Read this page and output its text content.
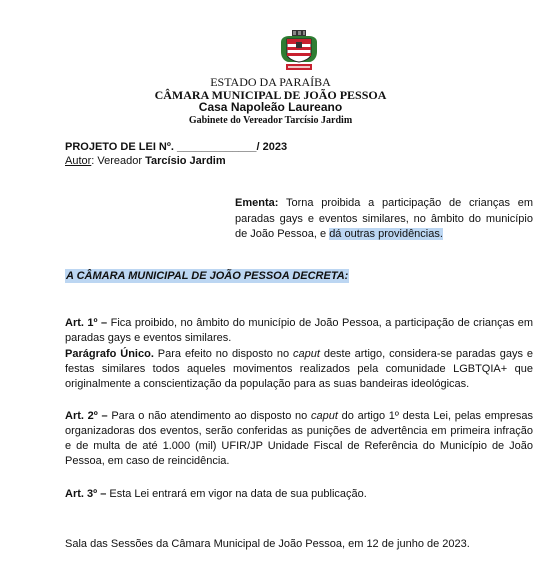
ESTADO DA PARAÍBA
CÂMARA MUNICIPAL DE JOÃO PESSOA
Casa Napoleão Laureano
Gabinete do Vereador Tarcísio Jardim
PROJETO DE LEI Nº. _____________/ 2023
Autor: Vereador Tarcísio Jardim
Ementa: Torna proibida a participação de crianças em paradas gays e eventos similares, no âmbito do município de João Pessoa, e dá outras providências.
A CÂMARA MUNICIPAL DE JOÃO PESSOA DECRETA:
Art. 1º – Fica proibido, no âmbito do município de João Pessoa, a participação de crianças em paradas gays e eventos similares.
Parágrafo Único. Para efeito no disposto no caput deste artigo, considera-se paradas gays e festas similares todos aqueles movimentos realizados pela comunidade LGBTQIA+ que originalmente a conscientização da população para as suas bandeiras ideológicas.
Art. 2º – Para o não atendimento ao disposto no caput do artigo 1º desta Lei, pelas empresas organizadoras dos eventos, serão conferidas as punições de advertência em primeira infração e de multa de até 1.000 (mil) UFIR/JP Unidade Fiscal de Referência do Município de João Pessoa, em caso de reincidência.
Art. 3º – Esta Lei entrará em vigor na data de sua publicação.
Sala das Sessões da Câmara Municipal de João Pessoa, em 12 de junho de 2023.
